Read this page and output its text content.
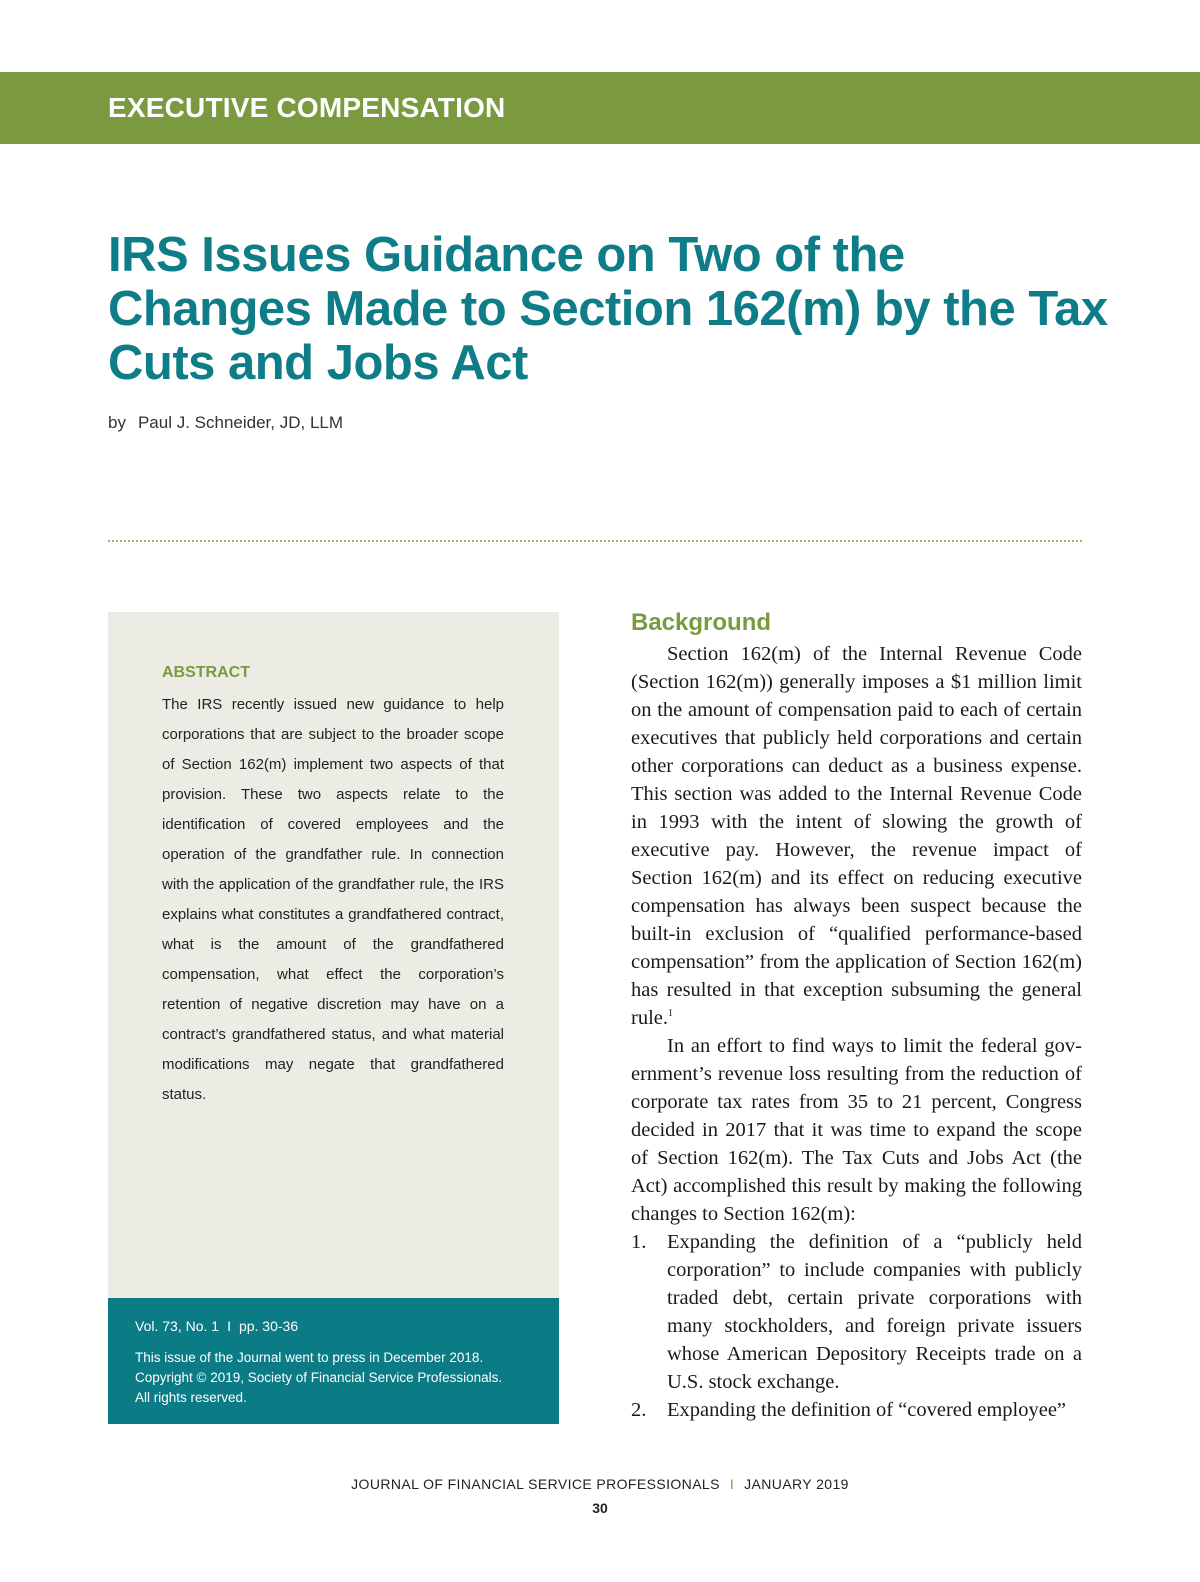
EXECUTIVE COMPENSATION
IRS Issues Guidance on Two of the Changes Made to Section 162(m) by the Tax Cuts and Jobs Act
by Paul J. Schneider, JD, LLM
ABSTRACT
The IRS recently issued new guidance to help corporations that are subject to the broader scope of Section 162(m) implement two aspects of that provision. These two aspects relate to the identification of covered employees and the operation of the grandfather rule. In connection with the application of the grandfather rule, the IRS explains what constitutes a grandfathered contract, what is the amount of the grandfathered compensation, what effect the corporation’s retention of negative discretion may have on a contract’s grandfathered status, and what material modifications may negate that grandfathered status.
Vol. 73, No. 1 I pp. 30-36
This issue of the Journal went to press in December 2018.
Copyright © 2019, Society of Financial Service Professionals.
All rights reserved.
Background

Section 162(m) of the Internal Revenue Code (Section 162(m)) generally imposes a $1 million limit on the amount of compensation paid to each of certain executives that publicly held corporations and certain other corporations can deduct as a business expense. This section was added to the Internal Revenue Code in 1993 with the intent of slowing the growth of executive pay. However, the revenue impact of Section 162(m) and its effect on reducing executive compensation has always been suspect because the built-in exclusion of “qualified performance-based compensation” from the application of Section 162(m) has resulted in that exception subsuming the general rule.$^1$

In an effort to find ways to limit the federal government’s revenue loss resulting from the reduction of corporate tax rates from 35 to 21 percent, Congress decided in 2017 that it was time to expand the scope of Section 162(m). The Tax Cuts and Jobs Act (the Act) accomplished this result by making the following changes to Section 162(m):

1. Expanding the definition of a “publicly held corporation” to include companies with publicly traded debt, certain private corporations with many stockholders, and foreign private issuers whose American Depository Receipts trade on a U.S. stock exchange.
2. Expanding the definition of “covered employee”
JOURNAL OF FINANCIAL SERVICE PROFESSIONALS I JANUARY 2019
30
